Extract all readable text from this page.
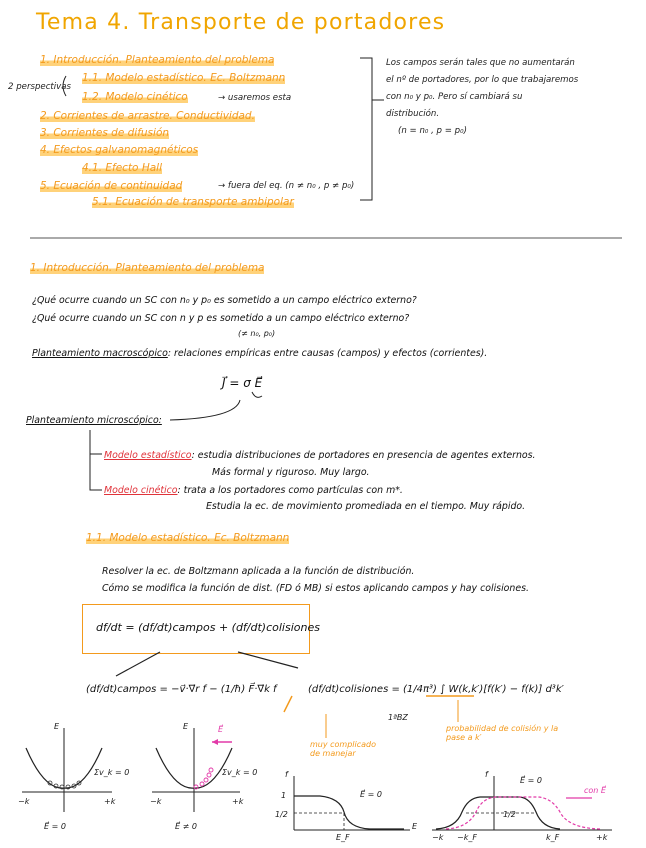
Tema 4. Transporte de portadores
1. Introducción. Planteamiento del problema
1.1. Modelo estadístico. Ec. Boltzmann
1.2. Modelo cinético
2 perspectivas
→ usaremos esta
2. Corrientes de arrastre. Conductividad.
3. Corrientes de difusión
4. Efectos galvanomagnéticos
4.1. Efecto Hall
5. Ecuación de continuidad	→ fuera del eq. (n ≠ n₀ , p ≠ p₀)
5.1. Ecuación de transporte ambipolar
Los campos serán tales que no aumentarán
el nº de portadores, por lo que trabajaremos
con n₀ y p₀. Pero sí cambiará su
distribución.
(n = n₀ , p = p₀)
1. Introducción. Planteamiento del problema
¿Qué ocurre cuando un SC con n₀ y p₀ es sometido a un campo eléctrico externo?
¿Qué ocurre cuando un SC con n y p es sometido a un campo eléctrico externo?
(≠ n₀, p₀)
Planteamiento macroscópico: relaciones empíricas entre causas (campos) y efectos (corrientes).
J⃗ = σ E⃗
Planteamiento microscópico:
Modelo estadístico: estudia distribuciones de portadores en presencia de agentes externos.
Más formal y riguroso. Muy largo.
Modelo cinético: trata a los portadores como partículas con m*.
Estudia la ec. de movimiento promediada en el tiempo. Muy rápido.
1.1. Modelo estadístico. Ec. Boltzmann
Resolver la ec. de Boltzmann aplicada a la función de distribución.
Cómo se modifica la función de dist. (FD ó MB) si estos aplicando campos y hay colisiones.
df/dt = (df/dt)campos + (df/dt)colisiones
(df/dt)campos = −v⃗·∇⃗r f − (1/ħ) F⃗·∇⃗k f	(df/dt)colisiones = (1/4π³) ∫ W(k,k′)[f(k′) − f(k)] d³k′
1ªBZ
muy complicado de manejar
probabilidad de colisión y la pase a k′
E
−k	+k
Σv_k = 0
E⃗ = 0
E
−k	+k
Σv_k = 0
E⃗ ≠ 0
E⃗
f
E
1
1/2
E_F
E⃗ = 0
f
−k	+k
−k_F	k_F
1/2
E⃗ = 0
con E⃗
